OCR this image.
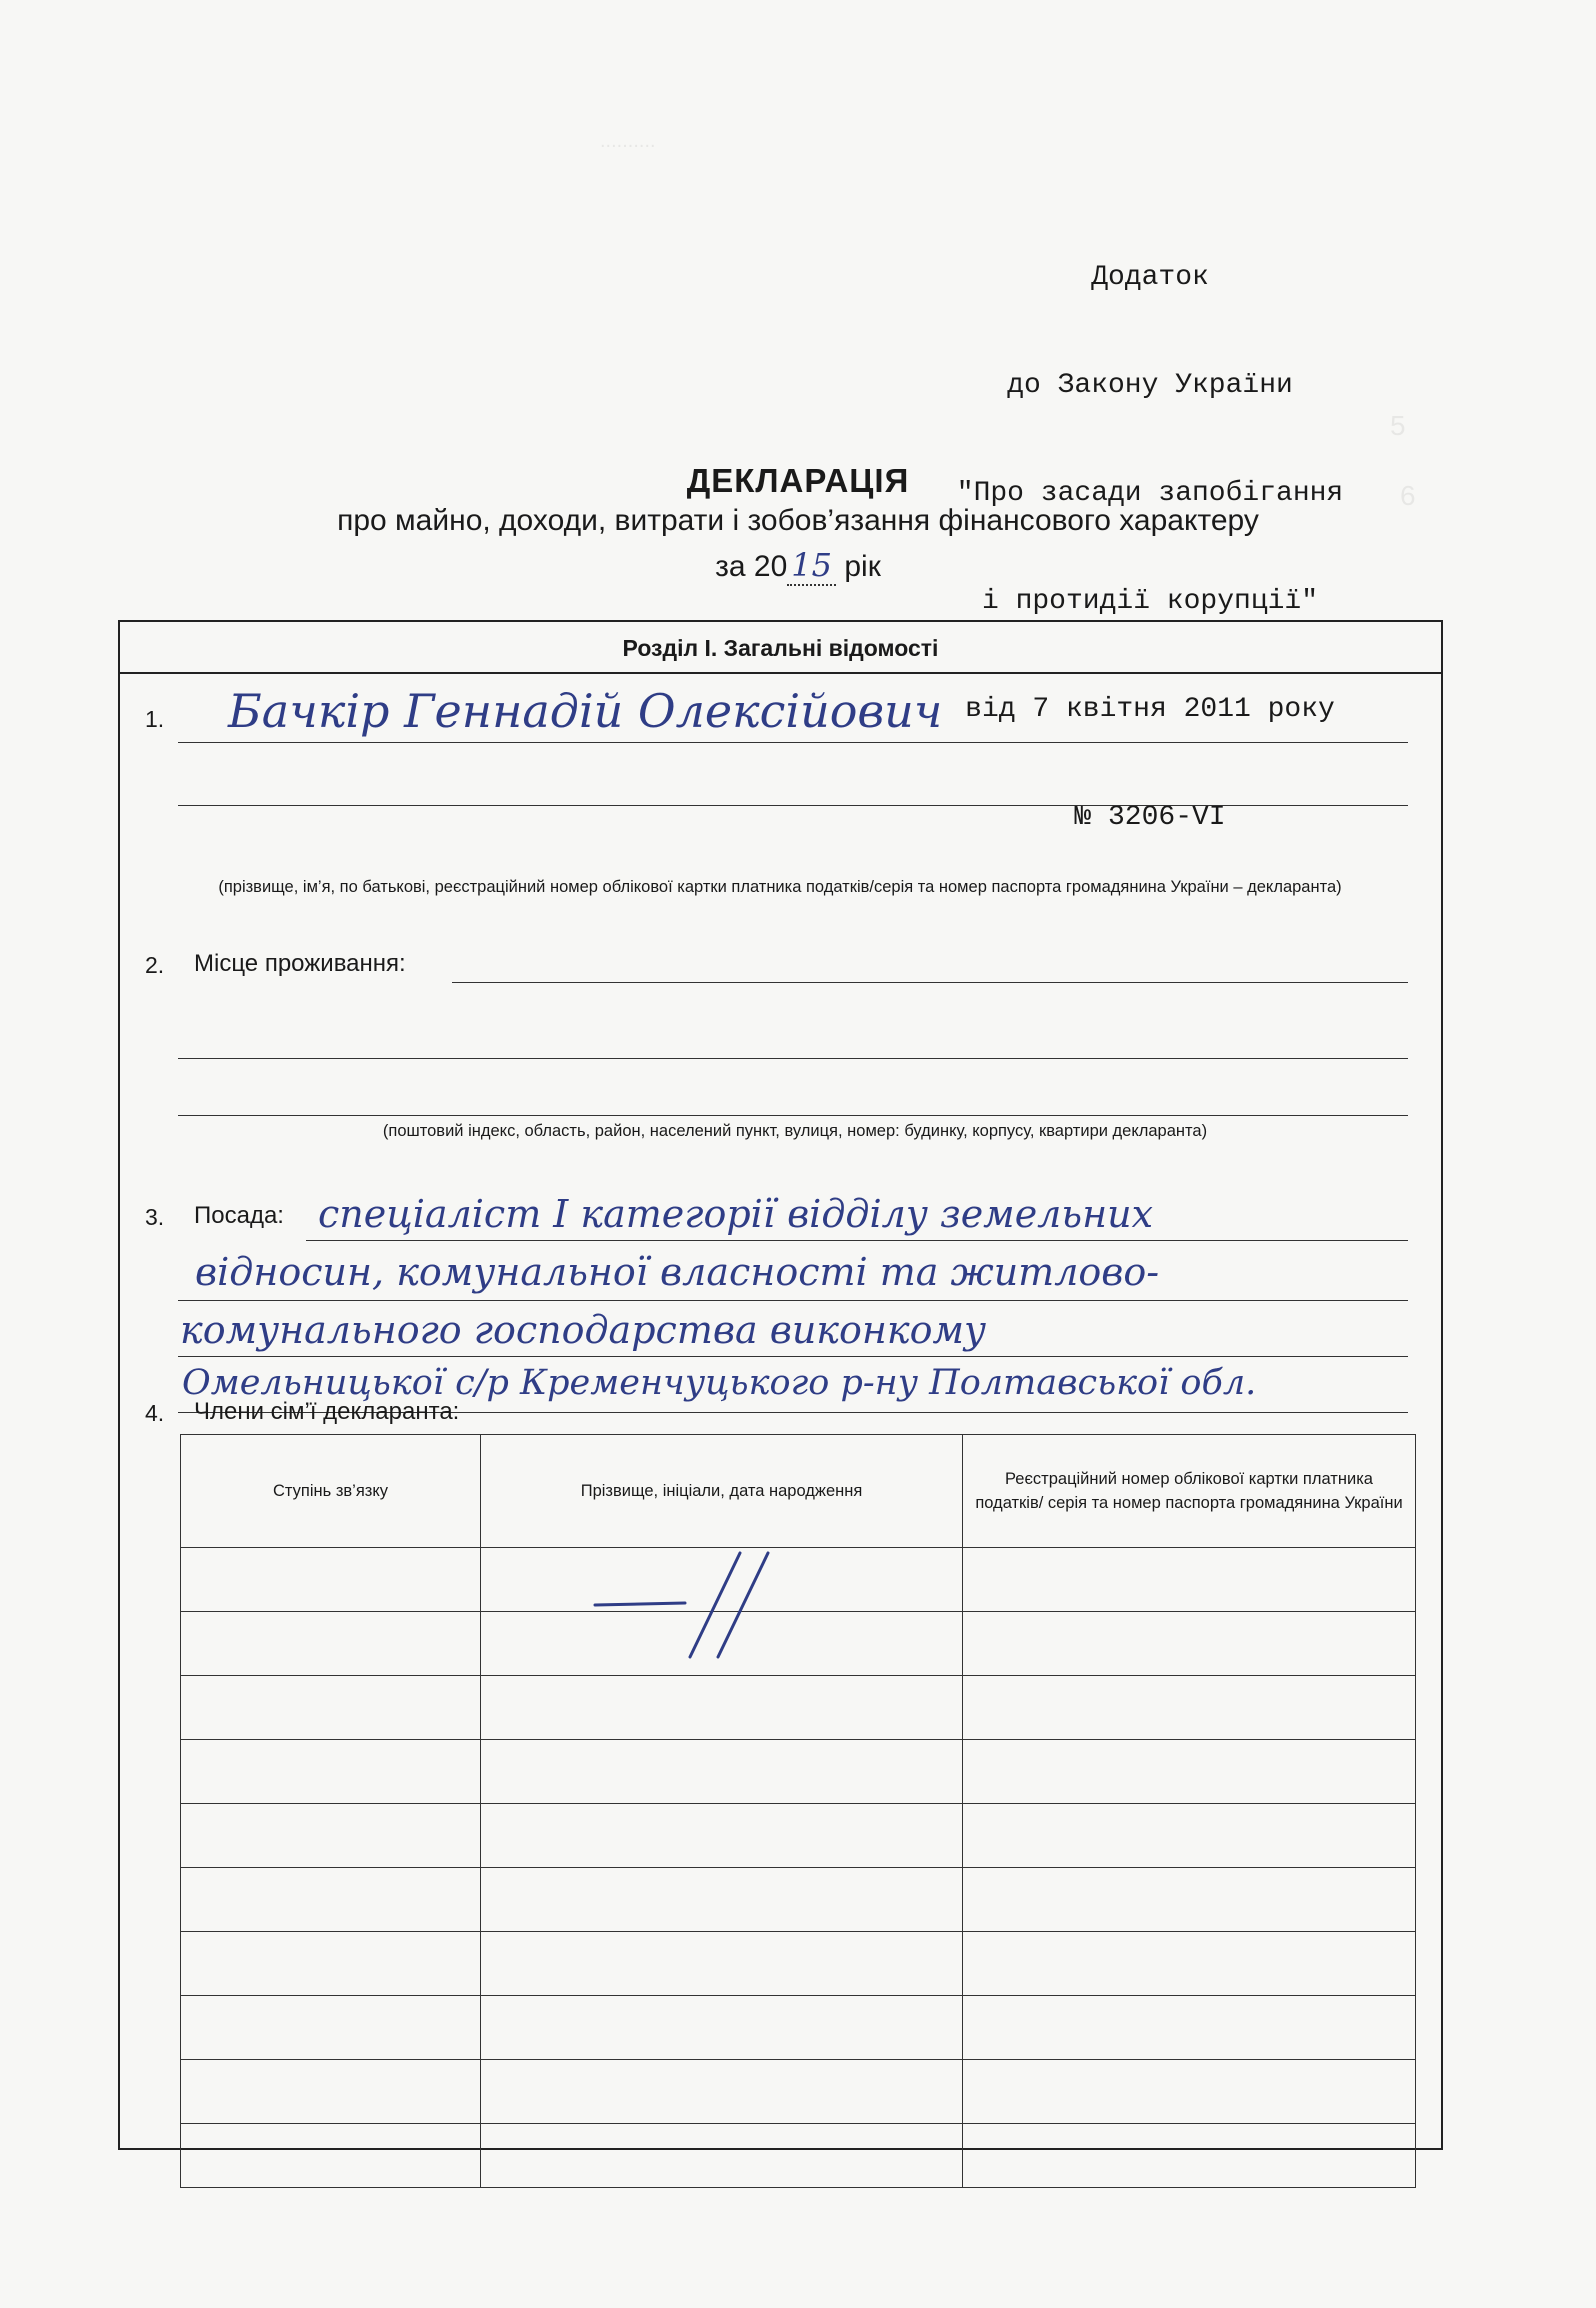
..........
5
6

Додаток

до Закону України

"Про засади запобігання

і протидії корупції"

від 7 квітня 2011 року

№ 3206-VI

ДЕКЛАРАЦІЯ
про майно, доходи, витрати і зобов’язання фінансового характеру
за 20 15 рік
Розділ І. Загальні відомості
1. Бачкір Геннадій Олексійович
(прізвище, ім’я, по батькові, реєстраційний номер облікової картки платника податків/серія та номер паспорта громадянина України – декларанта)
2. Місце проживання:
(поштовий індекс, область, район, населений пункт, вулиця, номер: будинку, корпусу, квартири декларанта)
3. Посада: спеціаліст І категорії відділу земельних
відносин, комунальної власності та житлово-
комунального господарства виконкому
Омельницької с/р Кременчуцького р-ну Полтавської обл.
4. Члени сім’ї декларанта:
Ступінь зв’язку	Прізвище, ініціали, дата народження	Реєстраційний номер облікової картки платника податків/ серія та номер паспорта громадянина України
